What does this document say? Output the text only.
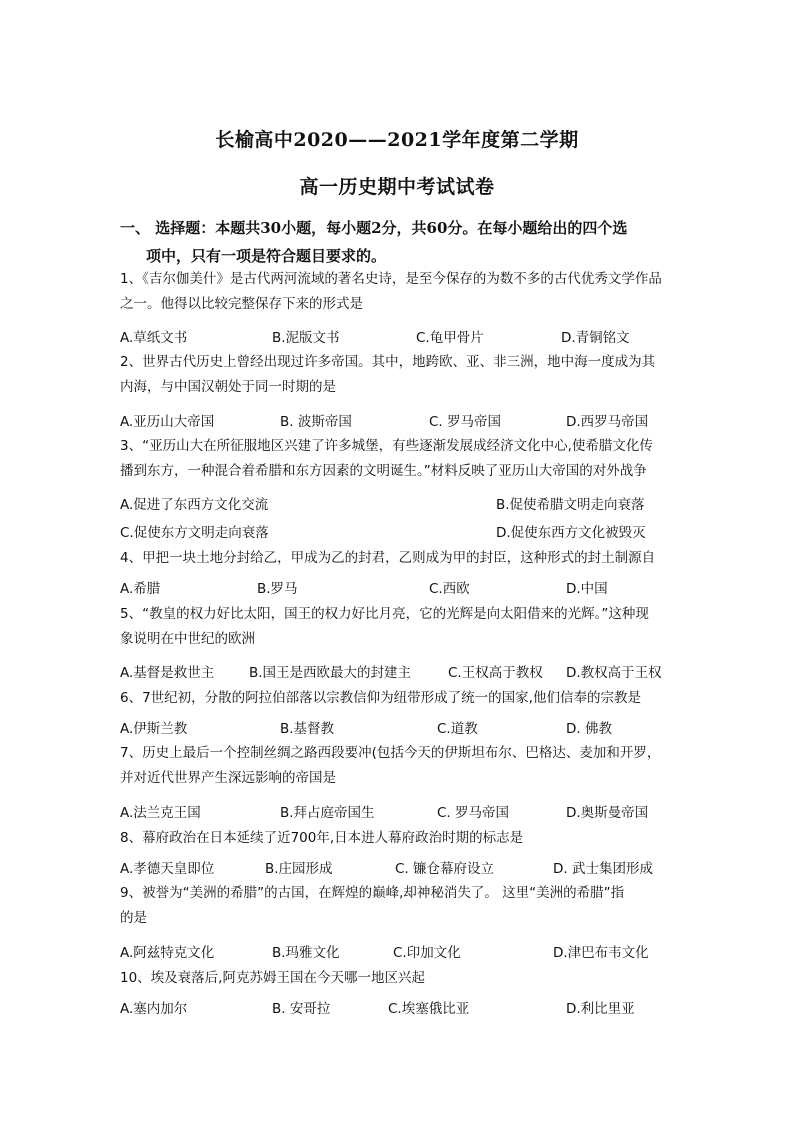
长榆高中2020——2021学年度第二学期
高一历史期中考试试卷
一、 选择题：本题共30小题，每小题2分，共60分。在每小题给出的四个选
项中，只有一项是符合题目要求的。
1、《吉尔伽美什》是古代两河流域的著名史诗，是至今保存的为数不多的古代优秀文学作品
之一。他得以比较完整保存下来的形式是
A.草纸文书	B.泥版文书	C.龟甲骨片	D.青铜铭文
2、世界古代历史上曾经出现过许多帝国。其中，地跨欧、亚、非三洲，地中海一度成为其
内海，与中国汉朝处于同一时期的是
A.亚历山大帝国	B. 波斯帝国	C. 罗马帝国	D.西罗马帝国
3、“亚历山大在所征服地区兴建了许多城堡，有些逐渐发展成经济文化中心,使希腊文化传
播到东方，一种混合着希腊和东方因素的文明诞生。”材料反映了亚历山大帝国的对外战争
A.促进了东西方文化交流	B.促使希腊文明走向衰落
C.促使东方文明走向衰落	D.促使东西方文化被毁灭
4、甲把一块土地分封给乙，甲成为乙的封君，乙则成为甲的封臣，这种形式的封土制源自
A.希腊	B.罗马	C.西欧	D.中国
5、“教皇的权力好比太阳，国王的权力好比月亮，它的光辉是向太阳借来的光辉。”这种现
象说明在中世纪的欧洲
A.基督是救世主	B.国王是西欧最大的封建主	C.王权高于教权 D.教权高于王权
6、7世纪初，分散的阿拉伯部落以宗教信仰为纽带形成了统一的国家,他们信奉的宗教是
A.伊斯兰教	B.基督教	C.道教	D. 佛教
7、历史上最后一个控制丝绸之路西段要冲(包括今天的伊斯坦布尔、巴格达、麦加和开罗，
并对近代世界产生深远影响的帝国是
A.法兰克王国	B.拜占庭帝国生	C. 罗马帝国	D.奥斯曼帝国
8、幕府政治在日本延续了近700年,日本进人幕府政治时期的标志是
A.孝德天皇即位	B.庄园形成	C. 镰仓幕府设立	D. 武士集团形成
9、被誉为“美洲的希腊”的古国，在辉煌的巅峰,却神秘消失了。 这里“美洲的希腊”指
的是
A.阿兹特克文化	B.玛雅文化	C.印加文化	D.津巴布韦文化
10、埃及衰落后,阿克苏姆王国在今天哪一地区兴起
A.塞内加尔	B. 安哥拉	C.埃塞俄比亚	D.利比里亚
